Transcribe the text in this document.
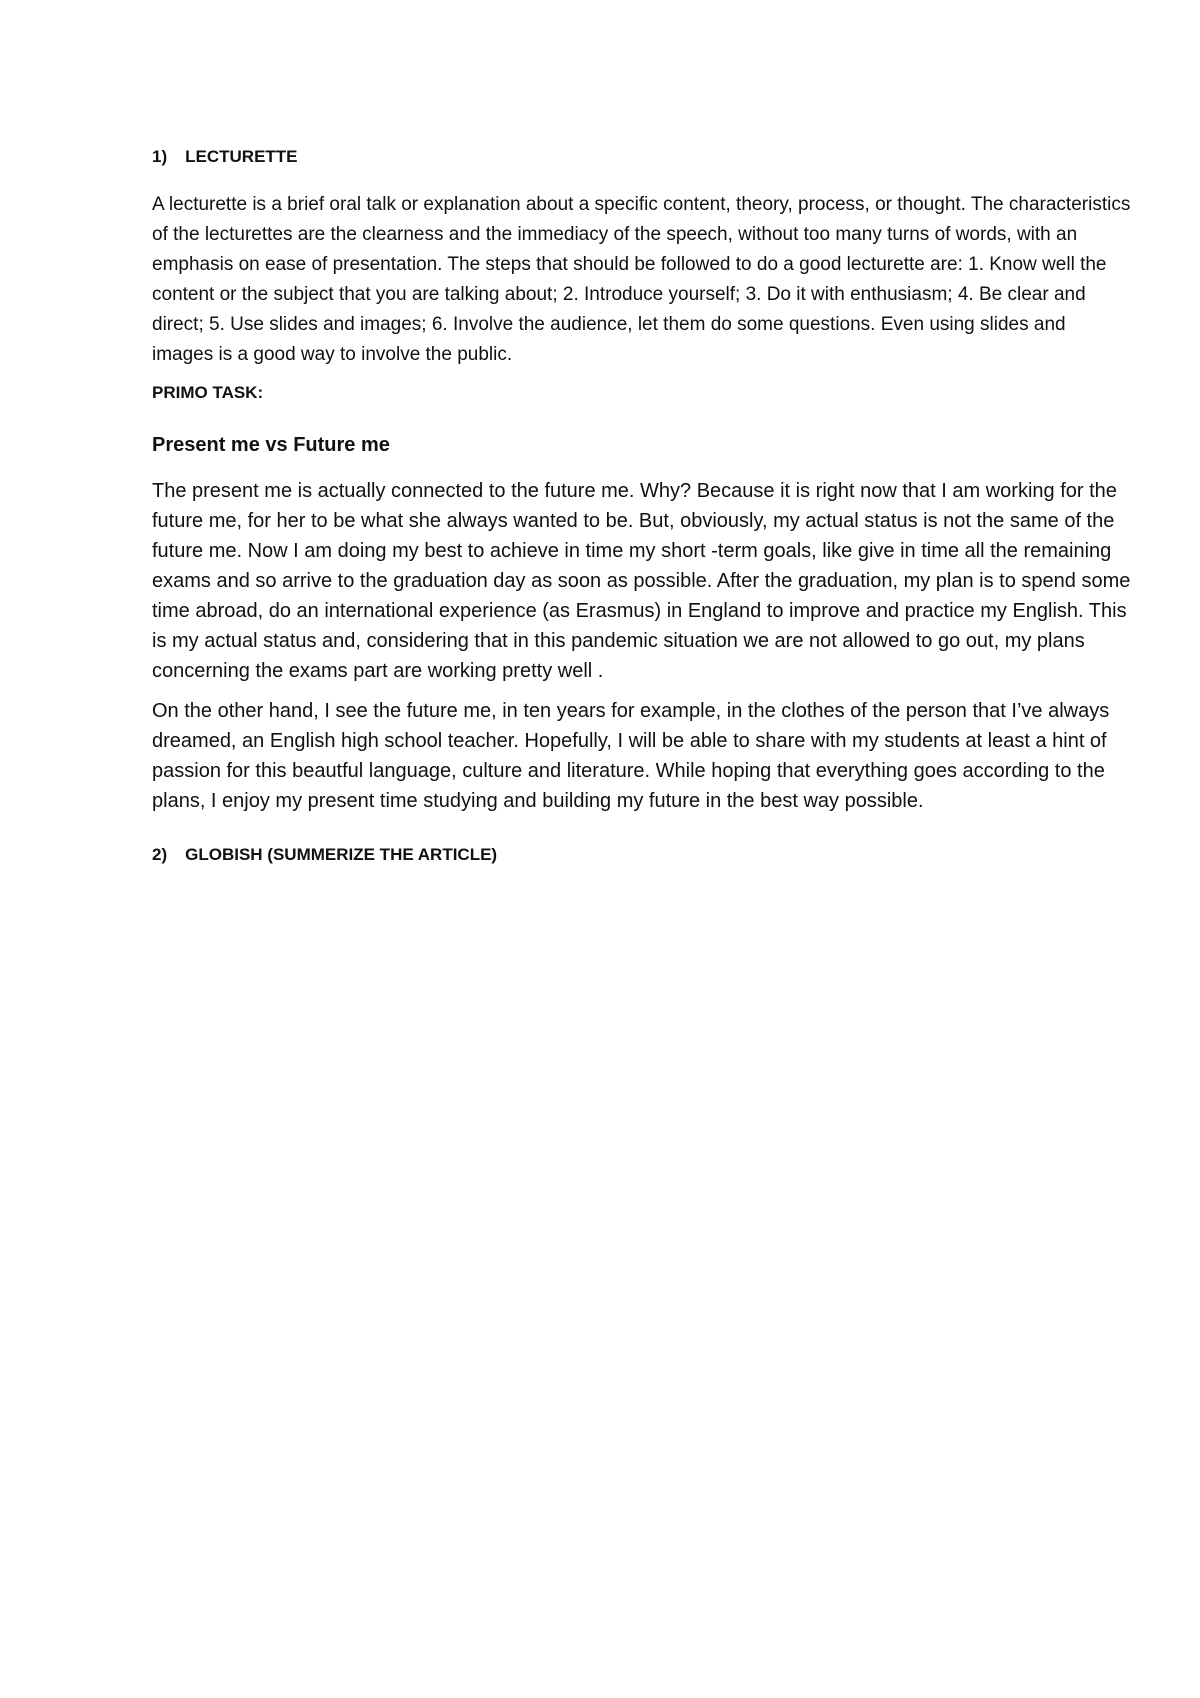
1) LECTURETTE

A lecturette is a brief oral talk or explanation about a specific content, theory, process, or thought. The characteristics of the lecturettes are the clearness and the immediacy of the speech, without too many turns of words, with an emphasis on ease of presentation. The steps that should be followed to do a good lecturette are: 1. Know well the content or the subject that you are talking about; 2. Introduce yourself; 3. Do it with enthusiasm; 4. Be clear and direct; 5. Use slides and images; 6. Involve the audience, let them do some questions. Even using slides and images is a good way to involve the public.

PRIMO TASK:
Present me vs Future me

The present me is actually connected to the future me. Why? Because it is right now that I am working for the future me, for her to be what she always wanted to be. But, obviously, my actual status is not the same of the future me. Now I am doing my best to achieve in time my short -term goals, like give in time all the remaining exams and so arrive to the graduation day as soon as possible. After the graduation, my plan is to spend some time abroad, do an international experience (as Erasmus) in England to improve and practice my English. This is my actual status and, considering that in this pandemic situation we are not allowed to go out, my plans concerning the exams part are working pretty well .

On the other hand, I see the future me, in ten years for example, in the clothes of the person that I’ve always dreamed, an English high school teacher. Hopefully, I will be able to share with my students at least a hint of passion for this beautful language, culture and literature. While hoping that everything goes according to the plans, I enjoy my present time studying and building my future in the best way possible.

2) GLOBISH (SUMMERIZE THE ARTICLE)
